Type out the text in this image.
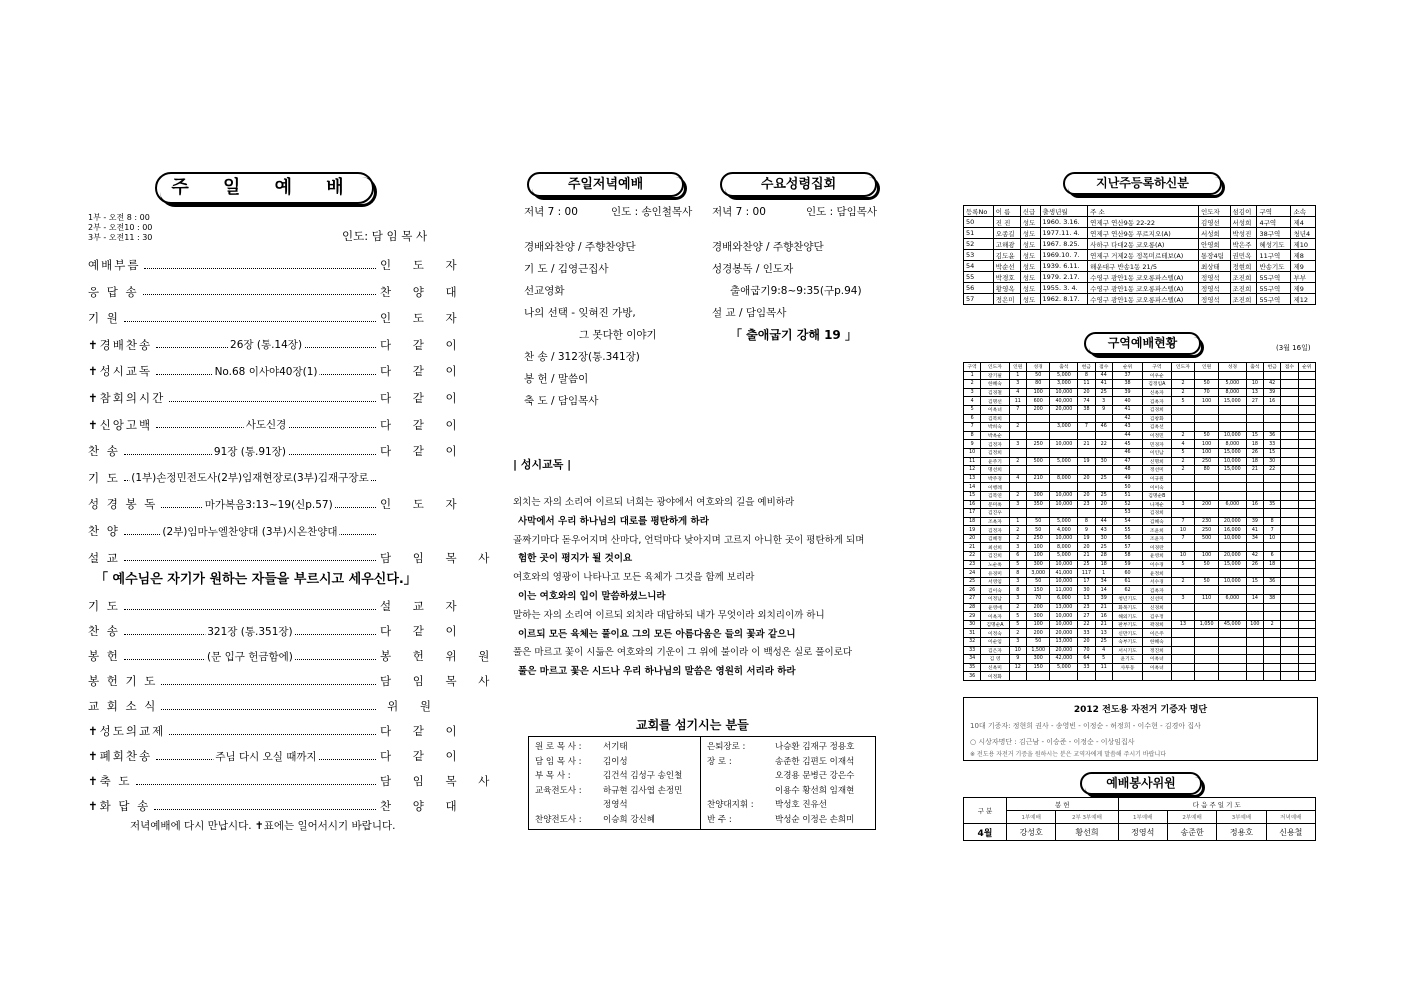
주 일 예 배
1부 - 오전 8 : 00
2부 - 오전10 : 00
3부 - 오전11 : 30	인도: 담 임 목 사
예배부름	인 도 자
응 답 송	찬 양 대
기 원	인 도 자
✝경배찬송	26장 (통.14장)	다 같 이
✝성시교독	No.68 이사야40장(1)	다 같 이
✝참회의시간	다 같 이
✝신앙고백	사도신경	다 같 이
찬 송	91장 (통.91장)	다 같 이
기 도 (1부)손정민전도사(2부)임재현장로(3부)김재구장로
성 경 봉 독	마가복음3:13~19(신p.57)	인 도 자
찬 양	(2부)임마누엘찬양대 (3부)시온찬양대
설 교	담 임 목 사
「 예수님은 자기가 원하는 자들을 부르시고 세우신다.」
기 도	설 교 자
찬 송	321장 (통.351장)	다 같 이
봉 헌	(문 입구 헌금함에)	봉 헌 위 원
봉 헌 기 도	담 임 목 사
교 회 소 식	위 원
✝성도의교제	다 같 이
✝폐회찬송	주님 다시 오실 때까지	다 같 이
✝축 도	담 임 목 사
✝화 답 송	찬 양 대
저녁예배에 다시 만납시다. ✝표에는 일어서시기 바랍니다.
주일저녁예배	수요성령집회
저녁 7 : 00	인도 : 송인철목사 저녁 7 : 00	인도 : 담임목사
경배와찬양 / 주향찬양단
기 도 / 김영근집사
선교영화
나의 선택 - 잊혀진 가방,
그 못다한 이야기
찬 송 / 312장(통.341장)
봉 헌 / 말씀이
축 도 / 담임목사
경배와찬양 / 주향찬양단
성경봉독 / 인도자
출애굽기9:8~9:35(구p.94)
설 교 / 담임목사
「 출애굽기 강해 19 」
| 성시교독 |
외치는 자의 소리여 이르되 너희는 광야에서 여호와의 길을 예비하라
사막에서 우리 하나님의 대로를 평탄하게 하라
골짜기마다 돋우어지며 산마다, 언덕마다 낮아지며 고르지 아니한 곳이 평탄하게 되며
험한 곳이 평지가 될 것이요
여호와의 영광이 나타나고 모든 육체가 그것을 함께 보리라
이는 여호와의 입이 말씀하셨느니라
말하는 자의 소리여 이르되 외치라 대답하되 내가 무엇이라 외치리이까 하니
이르되 모든 육체는 풀이요 그의 모든 아름다움은 들의 꽃과 같으니
풀은 마르고 꽃이 시듦은 여호와의 기운이 그 위에 불이라 이 백성은 실로 풀이로다
풀은 마르고 꽃은 시드나 우리 하나님의 말씀은 영원히 서리라 하라
교회를 섬기시는 분들
원 로 목 사 :	서기태
담 임 목 사 :	김이성
부 목 사 :	김건석 김성구 송인철
교육전도사 :	하규현 김사엽 손정민
정영석
찬양전도사 :	이승희 강신혜
은퇴장로 :	나승환 김재구 정용호
장 로 :	송준한 김편도 이재석
오경용 문병근 강은수
이용수 황선희 임재현
찬양대지휘 :	박성호 진유선
반 주 :	박성순 이정은 손희미
지난주등록하신분
등록No	이 름	신급	출생년월	주 소	인도자	섬김이	구역	소속
50	진 진	성도	1960. 3.16.	연제구 연산9동 22-22	김영선	서성희	4구역	제4
51	오종길	성도	1977.11. 4.	연제구 연산9동 푸르지오(A)	서성희	박성진	38구역	청년4
52	고해광	성도	1967. 8.25.	사하구 다대2동 코오롱(A)	안영희	박은주	혜성기도	제10
53	김도윤	성도	1969.10. 7.	연제구 거제2동 정목미르테보(A)	통장4팀	권민옥	11구역	제8
54	박순선	성도	1939. 6.11.	해운대구 반송1동 21/5	최상태	정현희	반송기도	제9
55	박경호	성도	1979. 2.17.	수영구 광안1동 코오롱파스텔(A)	정영석	조진희	55구역	부부
56	황영옥	성도	1955. 3. 4.	수영구 광안1동 코오롱파스텔(A)	정영석	조진희	55구역	제9
57	정은미	성도	1962. 8.17.	수영구 광안1동 코오롱파스텔(A)	정영석	조진희	55구역	제12
구역예배현황	(3월 16일)
구역	인도자	인원	성경	출석	헌금	점수	순위	구역	인도자	인원	성경	출석	헌금	점수	순위
1	장기필	1	50	5,000	8	44	37	이우순							
2	한혜숙	3	80	3,000	11	41	38	김정임A	2	50	5,000	10	42		
3	김경철	4	100	10,000	20	25	39	신옥자	2	70	8,000	13	39		
4	김명선	11	600	40,000	74	3	40	김옥자	5	100	15,000	27	16		
5	이옥녀	7	200	20,000	38	9	41	김경희							
6	김복희						42	김창화							
7	박희숙	2		3,000	7	46	43	김옥선							
8	박옥순						44	이정민	2	50	10,000	15	36		
9	김정자	3	250	10,000	21	22	45	민경자	4	100	8,000	18	33		
10	김정희						46	이인남	5	100	15,000	26	15		
11	윤주기	2	500	5,000	19	30	47	신명희	2	250	10,000	18	30		
12	명선희						48	정선미	2	80	15,000	21	22		
13	박주경	4	210	8,000	20	25	49	이규원							
14	이행례						50	이이숙							
15	김복연	2	300	10,000	20	25	51	김명순B							
16	문미옥	3	350	10,000	23	20	52	나재순	3	200	6,000	16	35		
17	김진우						53	김경희							
18	조옥자	1	50	5,000	8	44	54	김혜숙	7	230	20,000	39	8		
19	김정자	2	50	4,000	9	43	55	조윤희	10	250	16,000	41	7		
20	김혜정	2	250	10,000	19	30	56	조윤자	7	500	10,000	34	10		
21	최선희	3	100	8,000	20	25	57	이경란							
22	김진희	6	100	5,000	21	28	58	윤영희	10	100	20,000	42	6		
23	노순옥	5	300	10,000	25	18	59	이수경	5	50	15,000	26	18		
24	유경미	8	3,000	41,000	117	1	60	윤정희							
25	서영임	3	50	10,000	17	34	61	서수경	2	50	10,000	15	36		
26	김이숙	8	150	11,000	30	14	62	김옥자							
27	이정남	3	70	6,000	13	39	청년기도	신선미	3	110	6,000	14	38		
28	윤영애	2	200	13,000	23	21	화목기도	신경희							
29	이옥자	5	300	10,000	27	16	해외기도	김우정							
30	김명순A	5	100	10,000	22	21	판부기도	곽경희	13	1,050	45,000	100	2		
31	이정숙	2	200	20,000	33	13	신만기도	이은주							
32	이순임	3	50	13,000	20	25	숙부기도	한혜숙							
33	김은자	10	1,500	20,000	70	4	서시기도	정진희							
34	김 영	9	300	42,000	64	5	윤기도	이옥녀							
35	신옥미	12	150	5,000	33	11	사투동	이옥녀							
36	이정화														
2012 전도용 자전거 기증자 명단
10대 기증자: 정현희 권사 - 송영빈 - 이정순 - 허정희 - 이수현 - 김경아 집사
○ 시상자명단 : 김근남 - 이승준 - 이정순 - 이상임집사
※ 전도용 자전거 기증을 원하시는 분은 교역자에게 말씀해 주시기 바랍니다
예배봉사위원
구 분	봉 헌		다 음 주 일 기 도			
	1부예배	2부 3부예배	1부예배	2부예배	3부예배	저녁예배
4월	강성호	황선희	정영석	송준한	정용호	신용철
